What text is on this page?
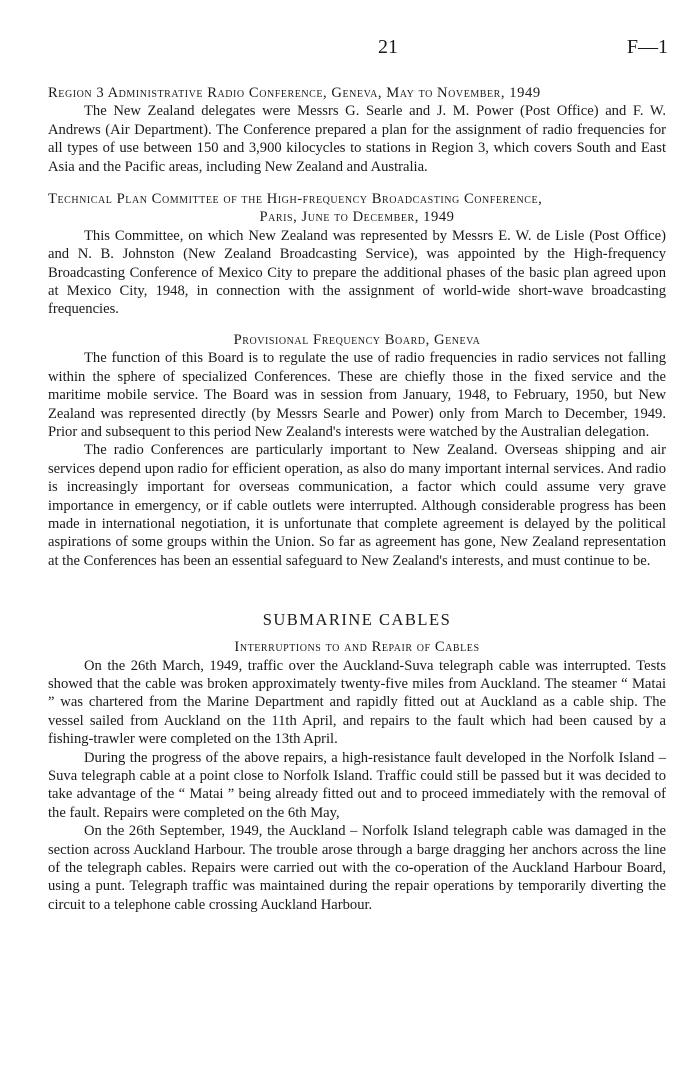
21	F—1

Region 3 Administrative Radio Conference, Geneva, May to November, 1949

The New Zealand delegates were Messrs G. Searle and J. M. Power (Post Office) and F. W. Andrews (Air Department). The Conference prepared a plan for the assignment of radio frequencies for all types of use between 150 and 3,900 kilocycles to stations in Region 3, which covers South and East Asia and the Pacific areas, including New Zealand and Australia.

Technical Plan Committee of the High-frequency Broadcasting Conference,

Paris, June to December, 1949

This Committee, on which New Zealand was represented by Messrs E. W. de Lisle (Post Office) and N. B. Johnston (New Zealand Broadcasting Service), was appointed by the High-frequency Broadcasting Conference of Mexico City to prepare the additional phases of the basic plan agreed upon at Mexico City, 1948, in connection with the assignment of world-wide short-wave broadcasting frequencies.

Provisional Frequency Board, Geneva

The function of this Board is to regulate the use of radio frequencies in radio services not falling within the sphere of specialized Conferences. These are chiefly those in the fixed service and the maritime mobile service. The Board was in session from January, 1948, to February, 1950, but New Zealand was represented directly (by Messrs Searle and Power) only from March to December, 1949. Prior and subsequent to this period New Zealand's interests were watched by the Australian delegation.

The radio Conferences are particularly important to New Zealand. Overseas shipping and air services depend upon radio for efficient operation, as also do many important internal services. And radio is increasingly important for overseas communication, a factor which could assume very grave importance in emergency, or if cable outlets were interrupted. Although considerable progress has been made in international negotiation, it is unfortunate that complete agreement is delayed by the political aspirations of some groups within the Union. So far as agreement has gone, New Zealand representation at the Conferences has been an essential safeguard to New Zealand's interests, and must continue to be.

SUBMARINE CABLES

Interruptions to and Repair of Cables

On the 26th March, 1949, traffic over the Auckland-Suva telegraph cable was interrupted. Tests showed that the cable was broken approximately twenty-five miles from Auckland. The steamer “ Matai ” was chartered from the Marine Department and rapidly fitted out at Auckland as a cable ship. The vessel sailed from Auckland on the 11th April, and repairs to the fault which had been caused by a fishing-trawler were completed on the 13th April.

During the progress of the above repairs, a high-resistance fault developed in the Norfolk Island – Suva telegraph cable at a point close to Norfolk Island. Traffic could still be passed but it was decided to take advantage of the “ Matai ” being already fitted out and to proceed immediately with the removal of the fault. Repairs were completed on the 6th May,

On the 26th September, 1949, the Auckland – Norfolk Island telegraph cable was damaged in the section across Auckland Harbour. The trouble arose through a barge dragging her anchors across the line of the telegraph cables. Repairs were carried out with the co-operation of the Auckland Harbour Board, using a punt. Telegraph traffic was maintained during the repair operations by temporarily diverting the circuit to a telephone cable crossing Auckland Harbour.
